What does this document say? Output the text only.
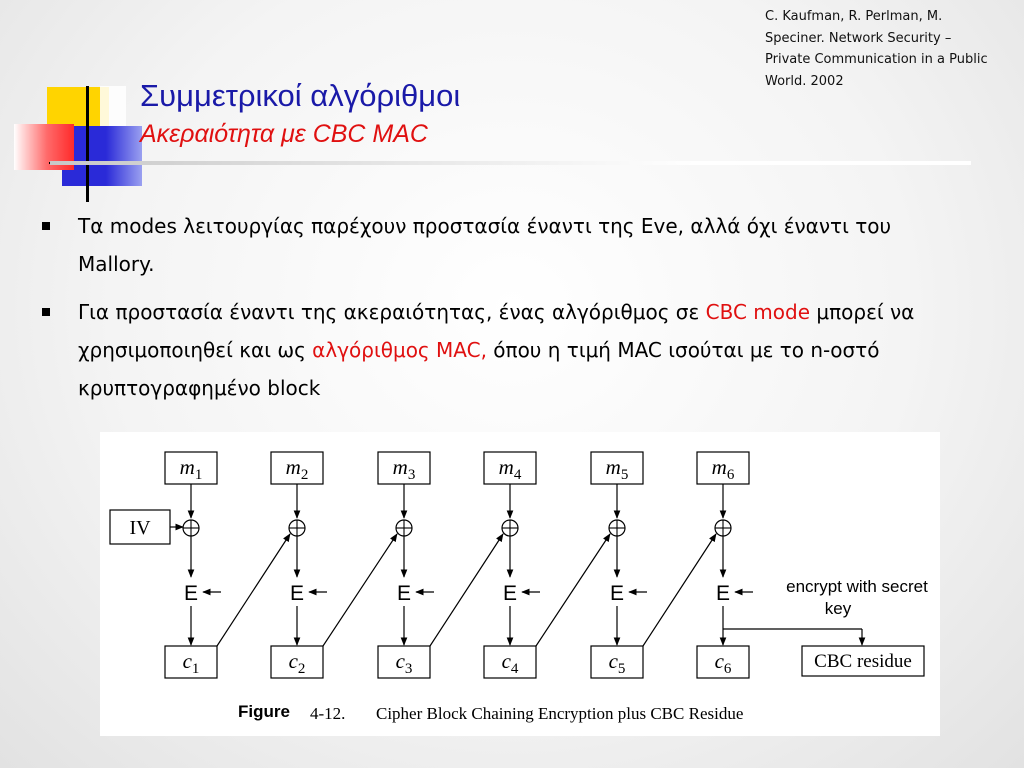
Συμμετρικοί αλγόριθμοι
Ακεραιότητα με CBC MAC
C. Kaufman, R. Perlman, M.
Speciner. Network Security –
Private Communication in a Public
World. 2002
Τα modes λειτουργίας παρέχουν προστασία έναντι της Eve, αλλά όχι έναντι του Mallory.
Για προστασία έναντι της ακεραιότητας, ένας αλγόριθμος σε CBC mode μπορεί να χρησιμοποιηθεί και ως αλγόριθμος MAC, όπου η τιμή MAC ισούται με το n-οστό κρυπτογραφημένο block
$m_1$
E
$c_1$
$m_2$
E
$c_2$
$m_3$
E
$c_3$
$m_4$
E
$c_4$
$m_5$
E
$c_5$
$m_6$
E
$c_6$
IV
encrypt with secret
key
CBC residue
Figure 4-12. Cipher Block Chaining Encryption plus CBC Residue
